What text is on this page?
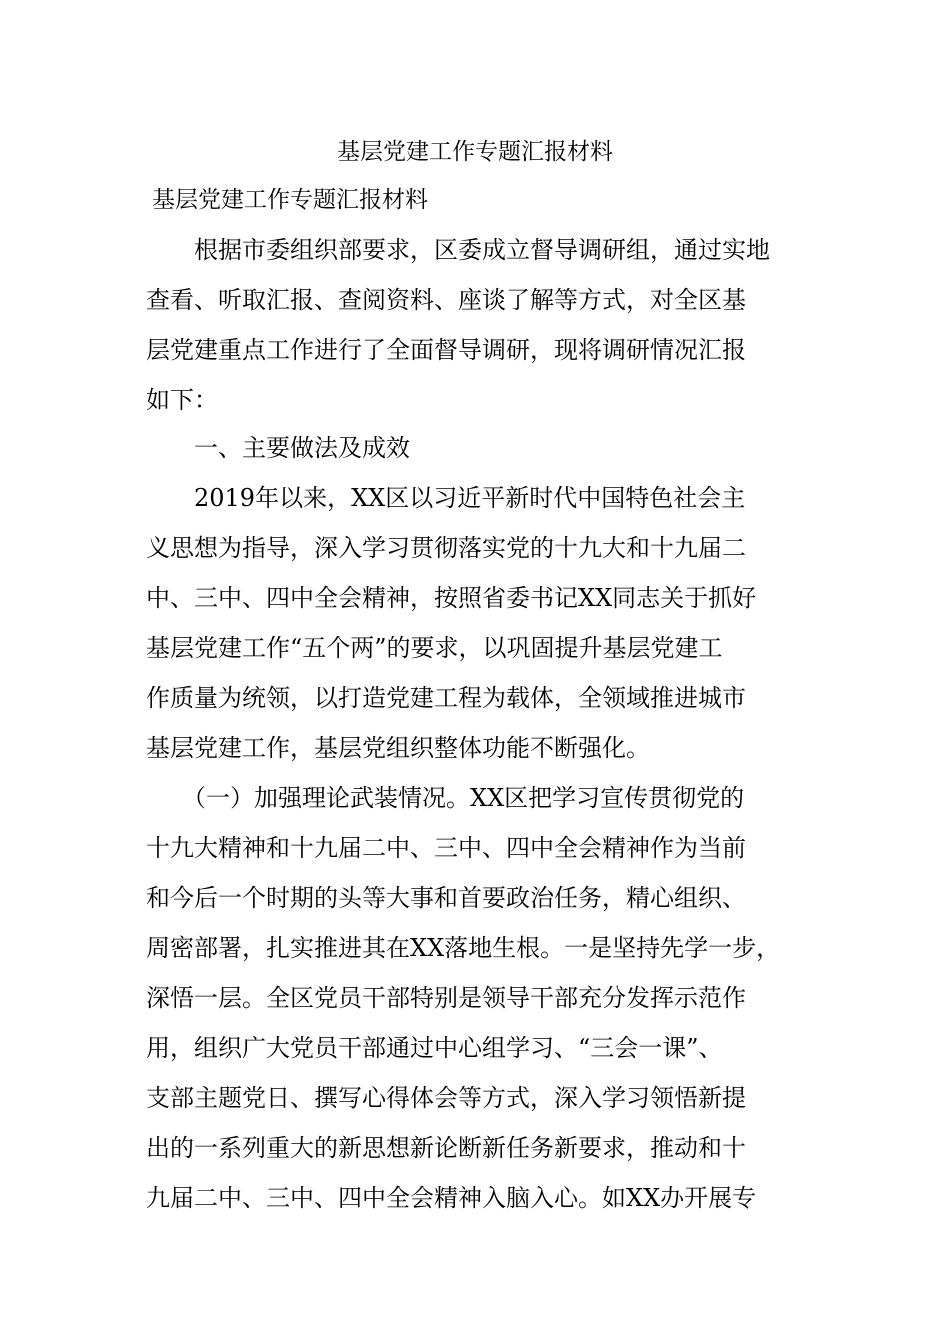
基层党建工作专题汇报材料
基层党建工作专题汇报材料
　　根据市委组织部要求，区委成立督导调研组，通过实地
查看、听取汇报、查阅资料、座谈了解等方式，对全区基
层党建重点工作进行了全面督导调研，现将调研情况汇报
如下：
　　一、主要做法及成效
　　2019年以来，XX区以习近平新时代中国特色社会主
义思想为指导，深入学习贯彻落实党的十九大和十九届二
中、三中、四中全会精神，按照省委书记XX同志关于抓好
基层党建工作“五个两”的要求，以巩固提升基层党建工
作质量为统领，以打造党建工程为载体，全领域推进城市
基层党建工作，基层党组织整体功能不断强化。
　　（一）加强理论武装情况。XX区把学习宣传贯彻党的
十九大精神和十九届二中、三中、四中全会精神作为当前
和今后一个时期的头等大事和首要政治任务，精心组织、
周密部署，扎实推进其在XX落地生根。一是坚持先学一步，
深悟一层。全区党员干部特别是领导干部充分发挥示范作
用，组织广大党员干部通过中心组学习、“三会一课”、
支部主题党日、撰写心得体会等方式，深入学习领悟新提
出的一系列重大的新思想新论断新任务新要求，推动和十
九届二中、三中、四中全会精神入脑入心。如XX办开展专
